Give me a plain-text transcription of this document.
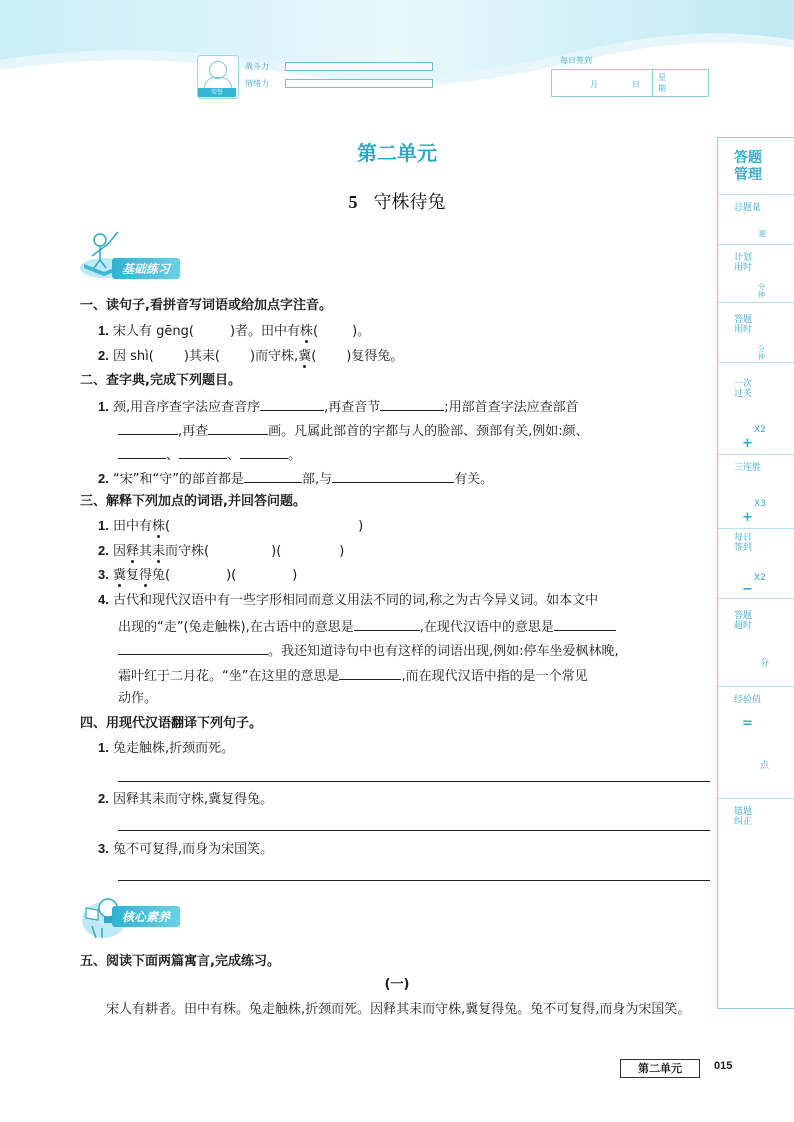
荣誉
战斗力
情绪力
每日签到
月	日
星
期
答题
管理
总题量
题
计划
用时
分钟
答题
用时
分钟
一次
过关
X2
+
三连胜
X3
+
每日
签到
X2
−
答题
超时
分
经验值
=
点
错题
纠正
第二单元
5 守株待兔
基础练习
一、读句子,看拼音写词语或给加点字注音。
1. 宋人有 gēng(	)者。田中有株(	)。
2. 因 shì( )其耒( )而守株,冀( )复得兔。
二、查字典,完成下列题目。
1. 颈,用音序查字法应查音序	,再查音节	;用部首查字法应查部首
,再查	画。凡属此部首的字都与人的脸部、颈部有关,例如:颜、
、	、	。
2. “宋”和“守”的部首都是	部,与	有关。
三、解释下列加点的词语,并回答问题。
1. 田中有株(	)
2. 因释其耒而守株(	)(	)
3. 冀复得兔(	)(	)
4. 古代和现代汉语中有一些字形相同而意义用法不同的词,称之为古今异义词。如本文中
出现的“走”(兔走触株),在古语中的意思是	,在现代汉语中的意思是
。我还知道诗句中也有这样的词语出现,例如:停车坐爱枫林晚,
霜叶红于二月花。“坐”在这里的意思是	,而在现代汉语中指的是一个常见
动作。
四、用现代汉语翻译下列句子。
1. 兔走触株,折颈而死。
2. 因释其耒而守株,冀复得兔。
3. 兔不可复得,而身为宋国笑。
核心素养
五、阅读下面两篇寓言,完成练习。
(一)
宋人有耕者。田中有株。兔走触株,折颈而死。因释其耒而守株,冀复得兔。兔不可复得,而身为宋国笑。
第二单元	015
